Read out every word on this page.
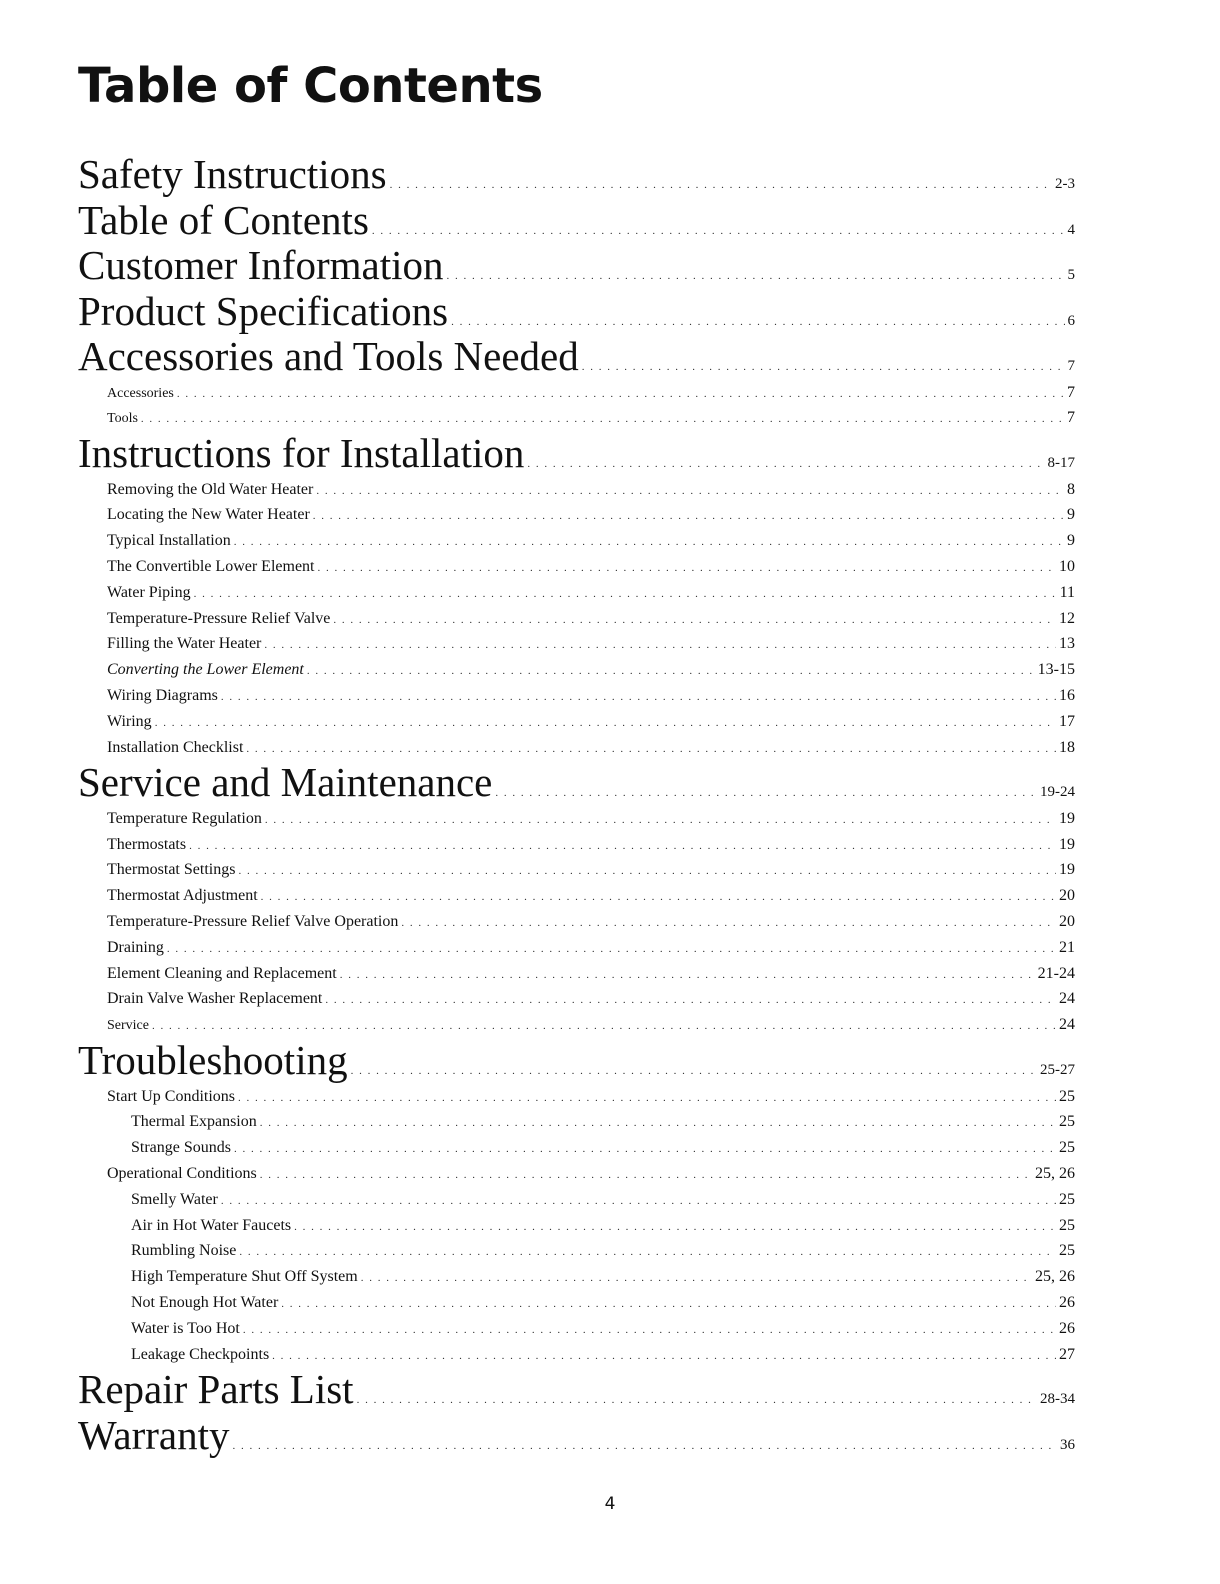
Table of Contents
Safety Instructions . . .	2-3
Table of Contents . . .	4
Customer Information . . .	5
Product Specifications . . .	6
Accessories and Tools Needed . . .	7
Accessories . . .	7
Tools . . .	7
Instructions for Installation . . .	8-17
Removing the Old Water Heater . . .	8
Locating the New Water Heater . . .	9
Typical Installation . . .	9
The Convertible Lower Element . . .	10
Water Piping . . .	11
Temperature-Pressure Relief Valve . . .	12
Filling the Water Heater . . .	13
Converting the Lower Element . . .	13-15
Wiring Diagrams . . .	16
Wiring . . .	17
Installation Checklist . . .	18
Service and Maintenance . . .	19-24
Temperature Regulation . . .	19
Thermostats . . .	19
Thermostat Settings . . .	19
Thermostat Adjustment . . .	20
Temperature-Pressure Relief Valve Operation . . .	20
Draining . . .	21
Element Cleaning and Replacement . . .	21-24
Drain Valve Washer Replacement . . .	24
Service . . .	24
Troubleshooting . . .	25-27
Start Up Conditions . . .	25
Thermal Expansion . . .	25
Strange Sounds . . .	25
Operational Conditions . . .	25, 26
Smelly Water . . .	25
Air in Hot Water Faucets . . .	25
Rumbling Noise . . .	25
High Temperature Shut Off System . . .	25, 26
Not Enough Hot Water . . .	26
Water is Too Hot . . .	26
Leakage Checkpoints . . .	27
Repair Parts List . . .	28-34
Warranty . . .	36
4
